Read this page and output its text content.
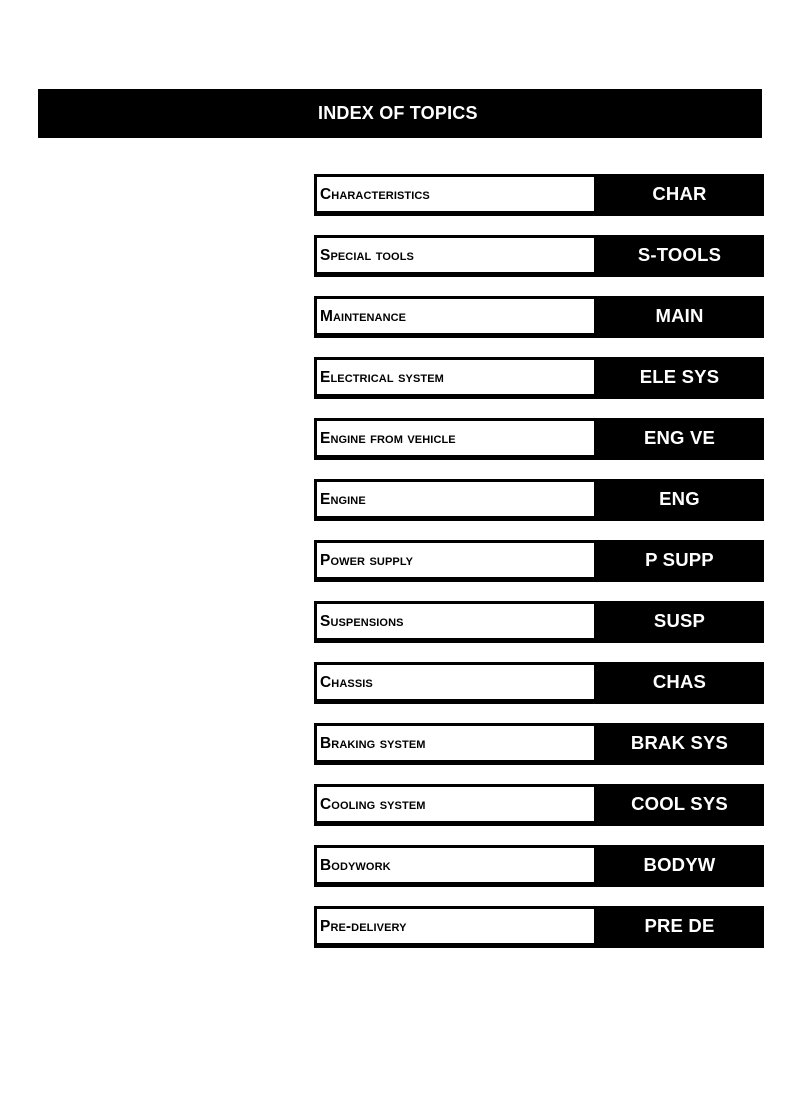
INDEX OF TOPICS
Characteristics	CHAR
Special tools	S-TOOLS
Maintenance	MAIN
Electrical system	ELE SYS
Engine from vehicle	ENG VE
Engine	ENG
Power supply	P SUPP
Suspensions	SUSP
Chassis	CHAS
Braking system	BRAK SYS
Cooling system	COOL SYS
Bodywork	BODYW
Pre-delivery	PRE DE
